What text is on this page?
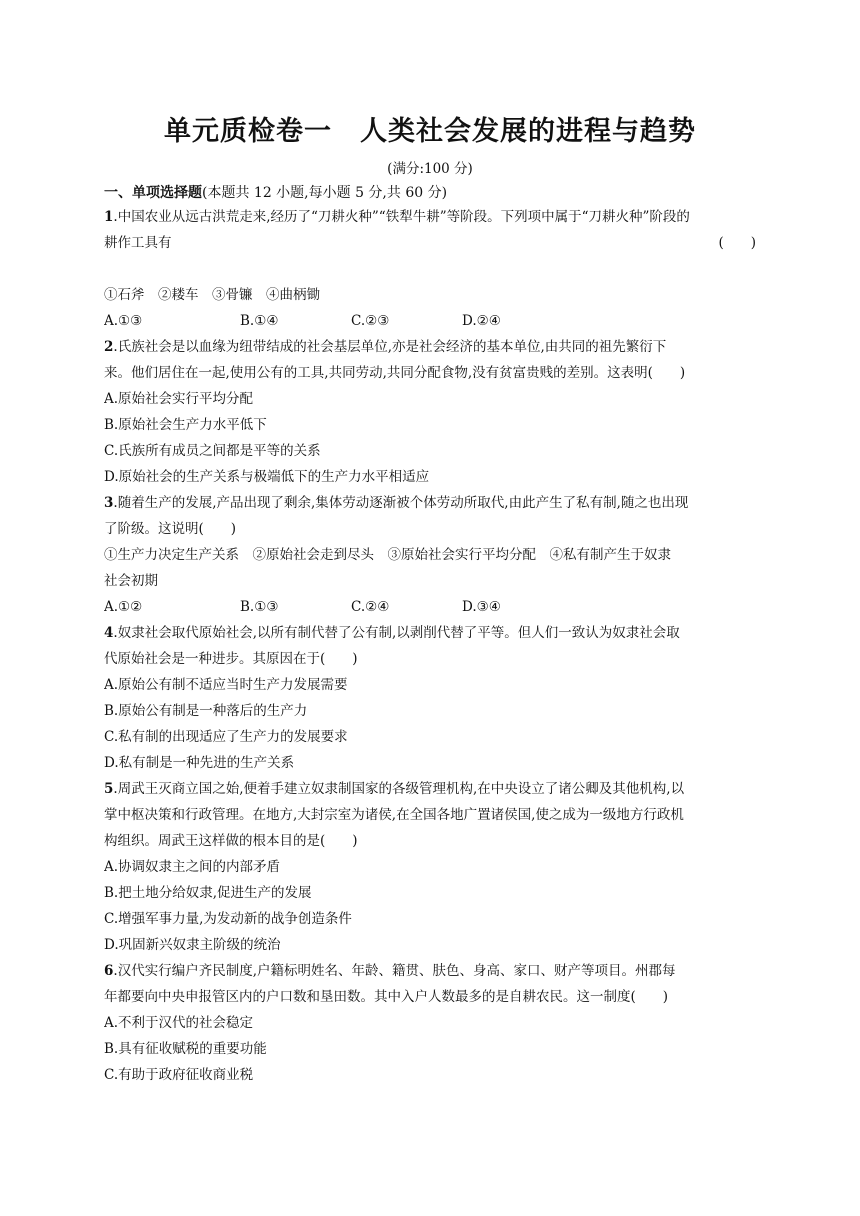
单元质检卷一　人类社会发展的进程与趋势
(满分:100 分)
一、单项选择题(本题共 12 小题,每小题 5 分,共 60 分)
1.中国农业从远古洪荒走来,经历了“刀耕火种”“铁犁牛耕”等阶段。下列项中属于“刀耕火种”阶段的
耕作工具有	(　　)
①石斧　②耧车　③骨镰　④曲柄锄
A.①③	B.①④	C.②③	D.②④
2.氏族社会是以血缘为纽带结成的社会基层单位,亦是社会经济的基本单位,由共同的祖先繁衍下
来。他们居住在一起,使用公有的工具,共同劳动,共同分配食物,没有贫富贵贱的差别。这表明(　　)
A.原始社会实行平均分配
B.原始社会生产力水平低下
C.氏族所有成员之间都是平等的关系
D.原始社会的生产关系与极端低下的生产力水平相适应
3.随着生产的发展,产品出现了剩余,集体劳动逐渐被个体劳动所取代,由此产生了私有制,随之也出现
了阶级。这说明(　　)
①生产力决定生产关系　②原始社会走到尽头　③原始社会实行平均分配　④私有制产生于奴隶
社会初期
A.①②	B.①③	C.②④	D.③④
4.奴隶社会取代原始社会,以所有制代替了公有制,以剥削代替了平等。但人们一致认为奴隶社会取
代原始社会是一种进步。其原因在于(　　)
A.原始公有制不适应当时生产力发展需要
B.原始公有制是一种落后的生产力
C.私有制的出现适应了生产力的发展要求
D.私有制是一种先进的生产关系
5.周武王灭商立国之始,便着手建立奴隶制国家的各级管理机构,在中央设立了诸公卿及其他机构,以
掌中枢决策和行政管理。在地方,大封宗室为诸侯,在全国各地广置诸侯国,使之成为一级地方行政机
构组织。周武王这样做的根本目的是(　　)
A.协调奴隶主之间的内部矛盾
B.把土地分给奴隶,促进生产的发展
C.增强军事力量,为发动新的战争创造条件
D.巩固新兴奴隶主阶级的统治
6.汉代实行编户齐民制度,户籍标明姓名、年龄、籍贯、肤色、身高、家口、财产等项目。州郡每
年都要向中央申报管区内的户口数和垦田数。其中入户人数最多的是自耕农民。这一制度(　　)
A.不利于汉代的社会稳定
B.具有征收赋税的重要功能
C.有助于政府征收商业税
